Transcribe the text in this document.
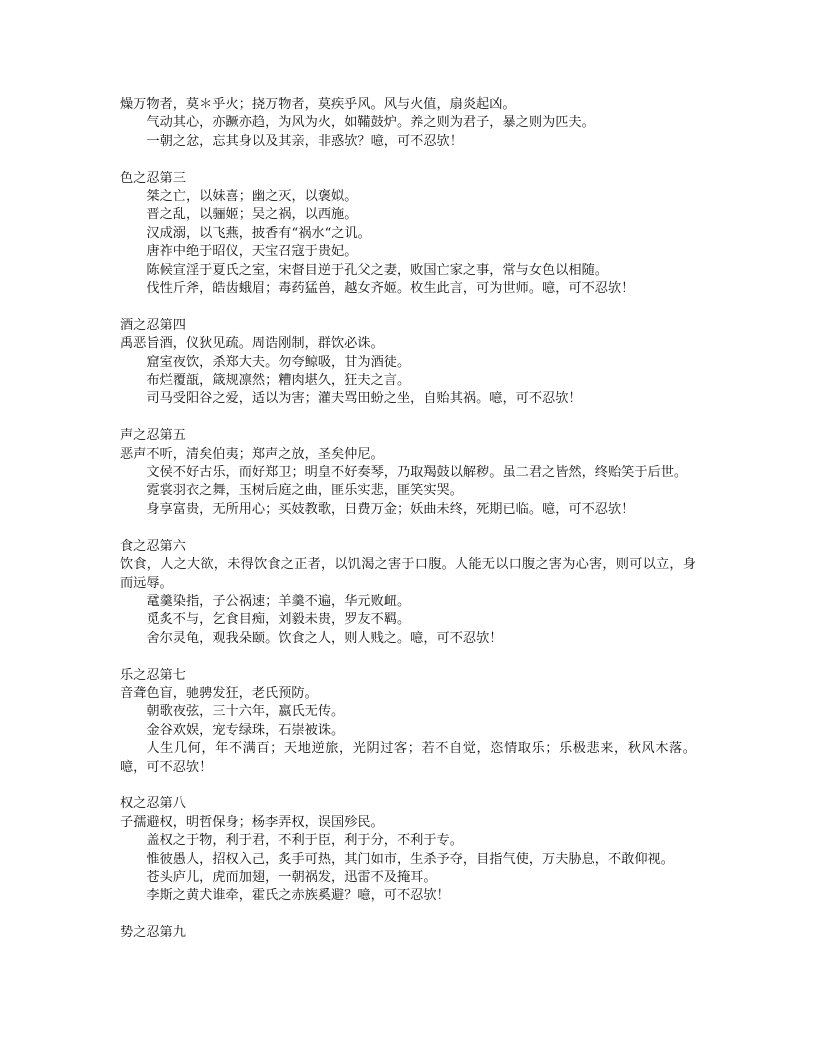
燥万物者，莫＊乎火；挠万物者，莫疾乎风。风与火值，扇炎起凶。

气动其心，亦蹶亦趋，为风为火，如鞴鼓炉。养之则为君子，暴之则为匹夫。

一朝之忿，忘其身以及其亲，非惑欤？噫，可不忍欤！

色之忍第三

桀之亡，以妹喜；幽之灭，以褒姒。

晋之乱，以骊姬；吴之祸，以西施。

汉成溺，以飞燕，披香有“祸水“之讥。

唐祚中绝于昭仪，天宝召寇于贵妃。

陈候宣淫于夏氏之室，宋督目逆于孔父之妻，败国亡家之事，常与女色以相随。

伐性斤斧，皓齿蛾眉；毒药猛兽，越女齐姬。枚生此言，可为世师。噫，可不忍欤！

酒之忍第四

禹恶旨酒，仪狄见疏。周诰刚制，群饮必诛。

窟室夜饮，杀郑大夫。勿夸鲸吸，甘为酒徒。

布烂覆瓿，箴规凛然；糟肉堪久，狂夫之言。

司马受阳谷之爱，适以为害；灌夫骂田蚡之坐，自贻其祸。噫，可不忍欤！

声之忍第五

恶声不听，清矣伯夷；郑声之放，圣矣仲尼。

文侯不好古乐，而好郑卫；明皇不好奏琴，乃取羯鼓以解秽。虽二君之皆然，终贻笑于后世。

霓裳羽衣之舞，玉树后庭之曲，匪乐实悲，匪笑实哭。

身享富贵，无所用心；买妓教歌，日费万金；妖曲未终，死期已临。噫，可不忍欤！

食之忍第六

饮食，人之大欲，未得饮食之正者，以饥渴之害于口腹。人能无以口腹之害为心害，则可以立，身而远辱。

鼋羹染指，子公祸速；羊羹不遍，华元败衄。

觅炙不与，乞食目痴，刘毅未贵，罗友不羁。

舍尔灵龟，观我朵颐。饮食之人，则人贱之。噫，可不忍欤！

乐之忍第七

音聋色盲，驰骋发狂，老氏预防。

朝歌夜弦，三十六年，嬴氏无传。

金谷欢娱，宠专绿珠，石崇被诛。

人生几何，年不满百；天地逆旅，光阴过客；若不自觉，恣情取乐；乐极悲来，秋风木落。噫，可不忍欤！

权之忍第八

子孺避权，明哲保身；杨李弄权，误国殄民。

盖权之于物，利于君，不利于臣，利于分，不利于专。

惟彼愚人，招权入己，炙手可热，其门如市，生杀予夺，目指气使，万夫胁息，不敢仰视。

苍头庐儿，虎而加翅，一朝祸发，迅雷不及掩耳。

李斯之黄犬谁牵，霍氏之赤族奚避？噫，可不忍欤！

势之忍第九
